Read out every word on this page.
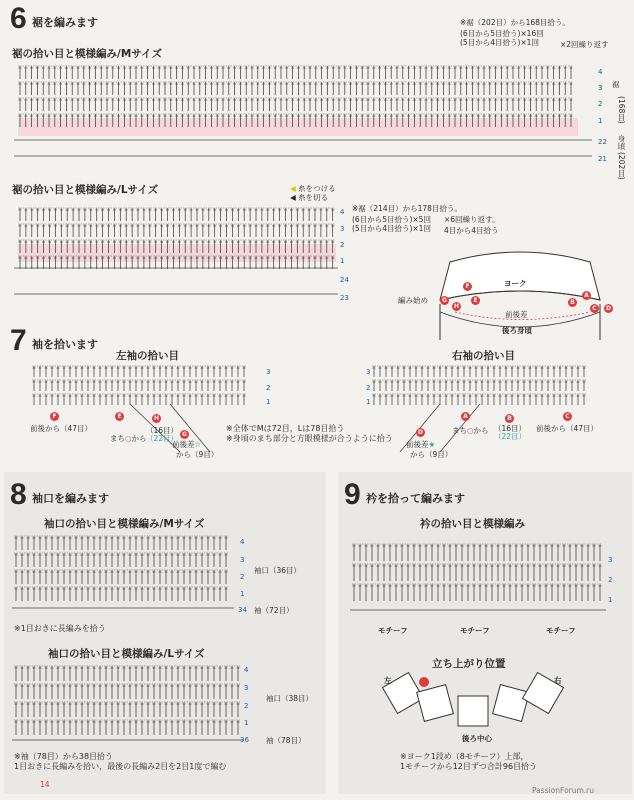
6 裾を編みます
裾の拾い目と模様編み/Mサイズ
※裾（202目）から168目拾う。
(6目から5目拾う)×16回
(5目から4目拾う)×1回	×2回繰り返す
4
3
2
1
22
21
裾
(168目)
身頃
(202目)
裾の拾い目と模様編み/Lサイズ	◀ 糸をつける
◀ 糸を切る
※裾（214目）から178目拾う。
(6目から5目拾う)×5回
(5目から4目拾う)×1回
×6回繰り返す。
4目から4目拾う
4
3
2
1
24
23
ヨーク
編み始め
前後差
後ろ身頃
F
E
H
G
A
B
C	D
7 袖を拾います
左袖の拾い目	右袖の拾い目
3
2
1
F
前後から（47目）
E
まち○から
H
（16目）
（22目） G
前後差☆
から（9目）
※全体でMは72目，Lは78目拾う
※身頃のまち部分と方眼模様が合うように拾う
3
2
1
D
前後差★
から（9目）
まち○から
A	B
（16目）
（22目）
C
前後から（47目）
8 袖口を編みます
袖口の拾い目と模様編み/Mサイズ
4
3
2
1
34
袖口（36目）
袖（72目）
※1目おきに長編みを拾う
袖口の拾い目と模様編み/Lサイズ
4
3
2
1
36
袖口（38目）
袖（78目）
※袖（78目）から38目拾う
1目おきに長編みを拾い，最後の長編み2目を2目1度で編む
14
9 衿を拾って編みます
衿の拾い目と模様編み
3
2
1
モチーフ	モチーフ	モチーフ
立ち上がり位置
左	右
後ろ中心
※ヨーク1段め（8モチーフ）上部，
1モチーフから12目ずつ合計96目拾う
PassionForum.ru
